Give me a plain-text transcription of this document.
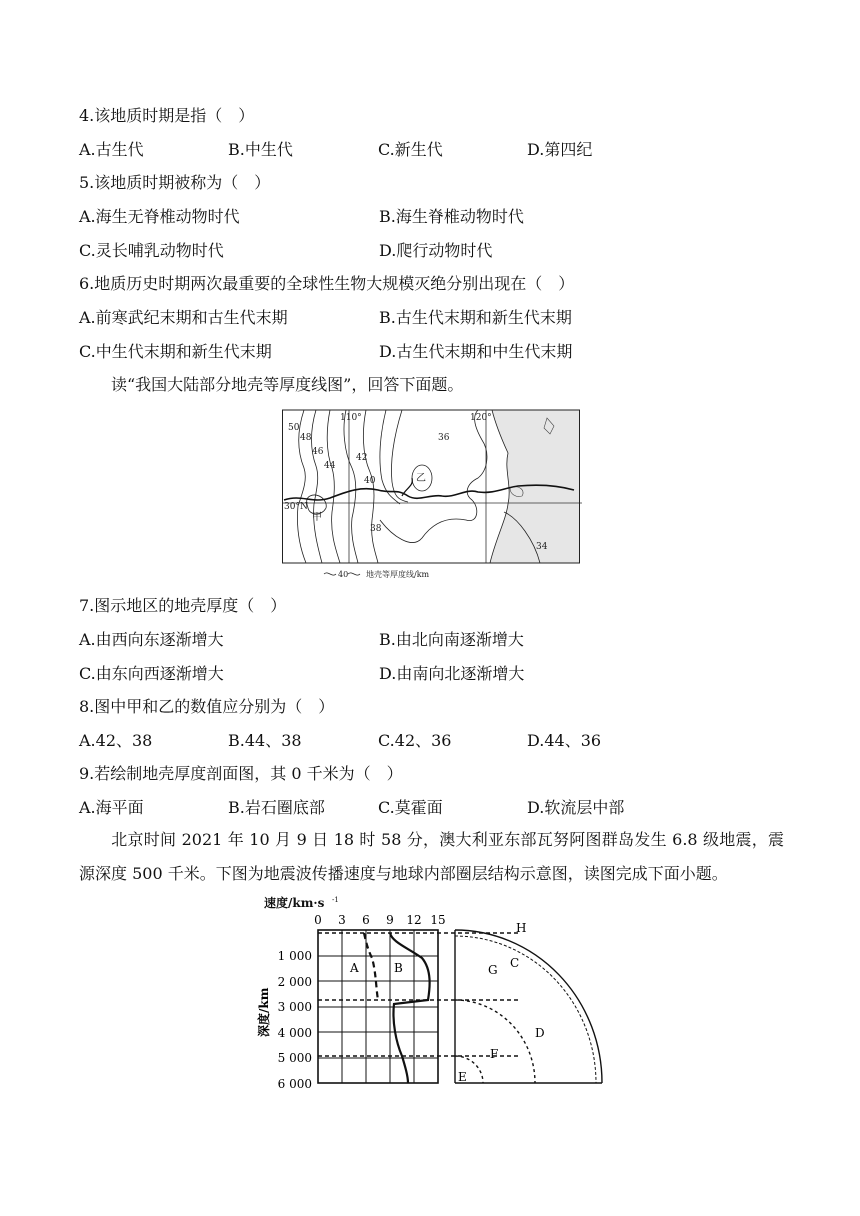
4.该地质时期是指（　）
A.古生代	B.中生代	C.新生代	D.第四纪
5.该地质时期被称为（　）
A.海生无脊椎动物时代	B.海生脊椎动物时代
C.灵长哺乳动物时代	D.爬行动物时代
6.地质历史时期两次最重要的全球性生物大规模灭绝分别出现在（　）
A.前寒武纪末期和古生代末期	B.古生代末期和新生代末期
C.中生代末期和新生代末期	D.古生代末期和中生代末期
读“我国大陆部分地壳等厚度线图”，回答下面题。
50
48
46
44
42
40
38
36
34
110°	120°
30°N
甲
乙
40 地壳等厚度线/km
7.图示地区的地壳厚度（　）
A.由西向东逐渐增大	B.由北向南逐渐增大
C.由东向西逐渐增大	D.由南向北逐渐增大
8.图中甲和乙的数值应分别为（　）
A.42、38	B.44、38	C.42、36	D.44、36
9.若绘制地壳厚度剖面图，其 0 千米为（　）
A.海平面	B.岩石圈底部	C.莫霍面	D.软流层中部
北京时间 2021 年 10 月 9 日 18 时 58 分，澳大利亚东部瓦努阿图群岛发生 6.8 级地震，震源深度 500 千米。下图为地震波传播速度与地球内部圈层结构示意图，读图完成下面小题。
速度/km·s -1
0 3 6 9 12 15
深度/km
1 000
2 000
3 000
4 000
5 000
6 000
A	B
H
C
G
D
F
E
